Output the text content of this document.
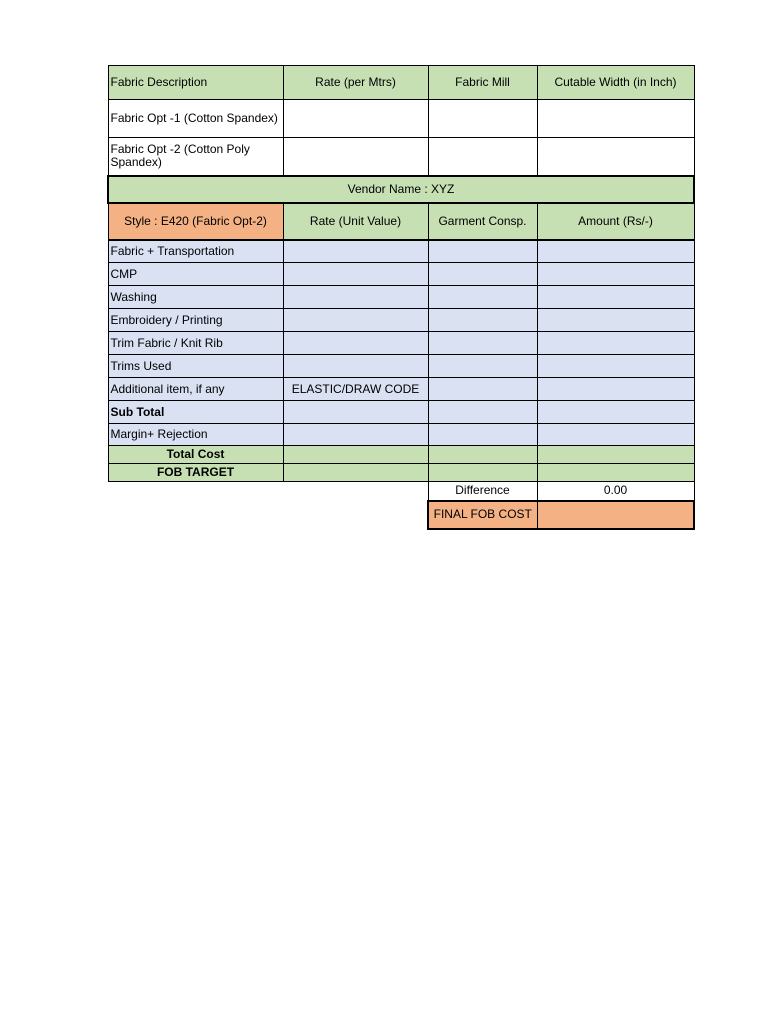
Fabric Description	Rate (per Mtrs)	Fabric Mill	Cutable Width (in Inch)
Fabric Opt -1 (Cotton Spandex)			
Fabric Opt -2 (Cotton Poly Spandex)			
Vendor Name : XYZ			
Style : E420 (Fabric Opt-2)	Rate (Unit Value)	Garment Consp.	Amount (Rs/-)
Fabric + Transportation			
CMP			
Washing			
Embroidery / Printing			
Trim Fabric / Knit Rib			
Trims Used			
Additional item, if any	ELASTIC/DRAW CODE		
Sub Total			
Margin+ Rejection			
Total Cost			
FOB TARGET			
		Difference	0.00
		FINAL FOB COST	
